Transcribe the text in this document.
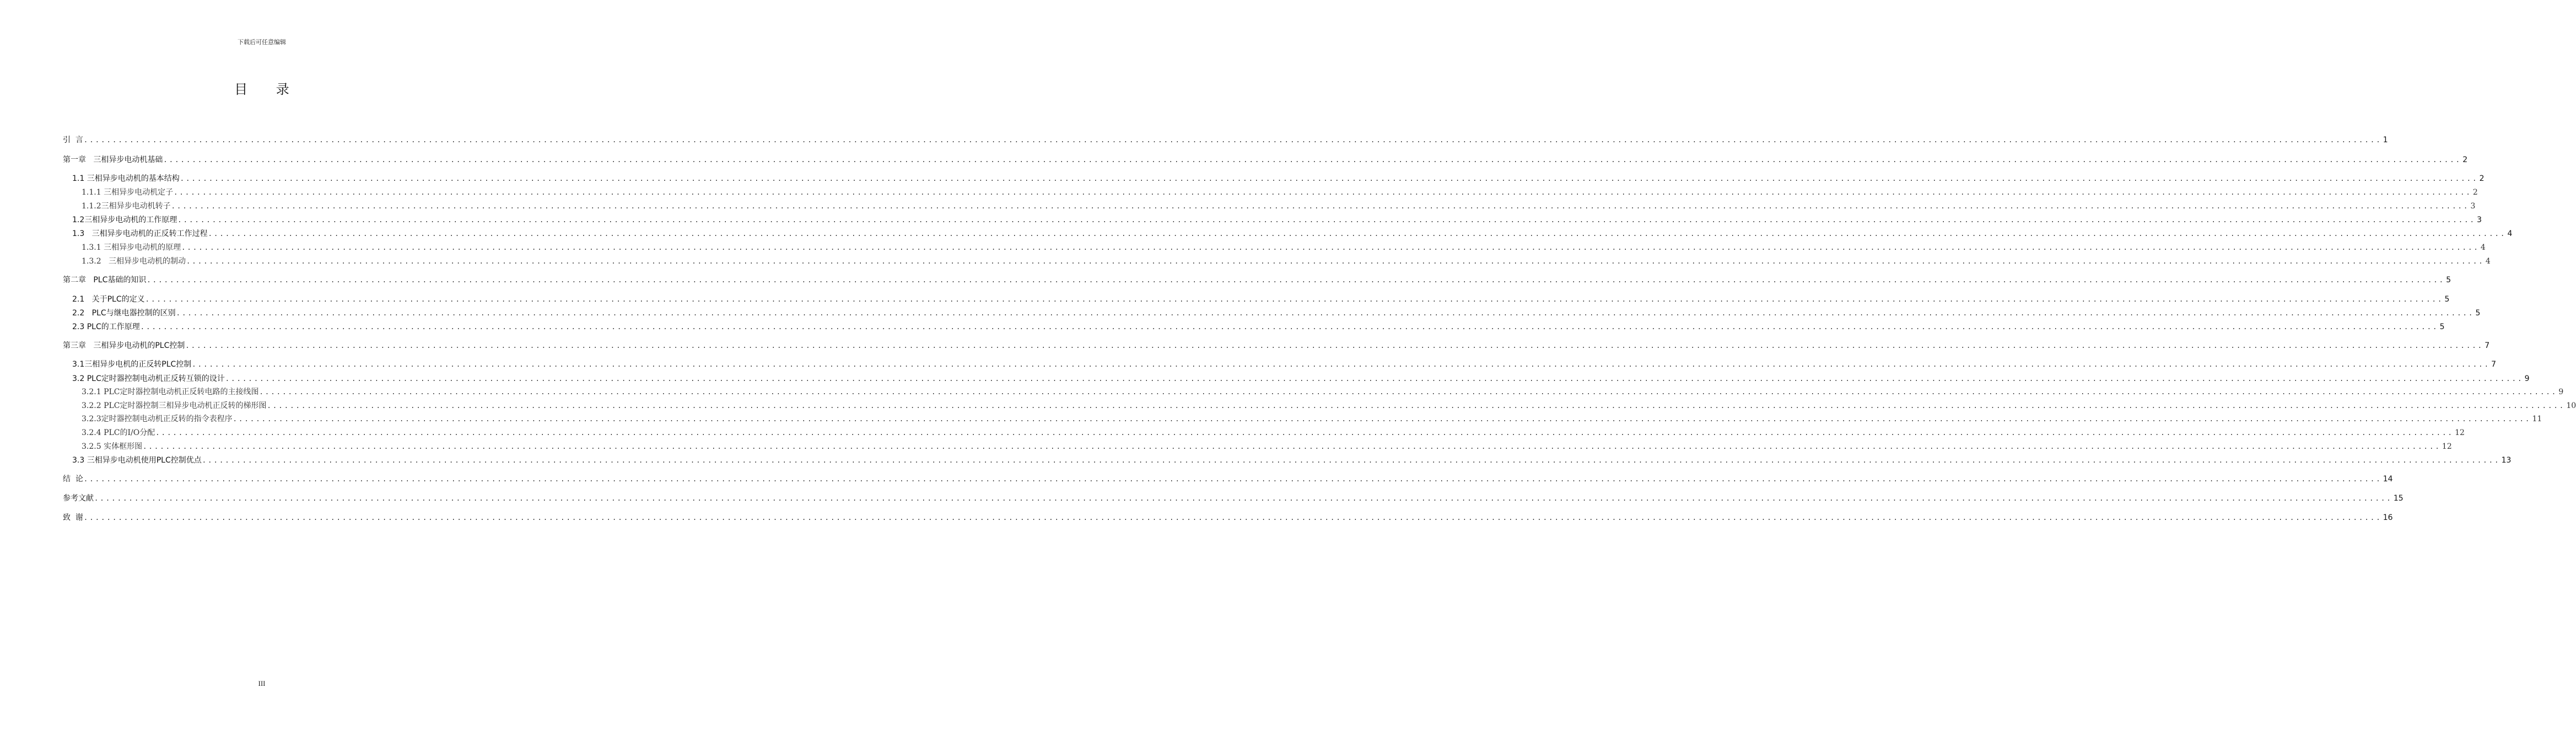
下载后可任意编辑
目 录
引  言 ................................................................................................................................................................................................................................................................................................................................................................................................................ 1
第一章   三相异步电动机基础 ................................................................................................................................................................................................................................................................................................................................................................................................................ 2
1.1 三相异步电动机的基本结构 ................................................................................................................................................................................................................................................................................................................................................................................................................ 2
1.1.1 三相异步电动机定子 ................................................................................................................................................................................................................................................................................................................................................................................................................ 2
1.1.2三相异步电动机转子 ................................................................................................................................................................................................................................................................................................................................................................................................................ 3
1.2三相异步电动机的工作原理 ................................................................................................................................................................................................................................................................................................................................................................................................................ 3
1.3   三相异步电动机的正反转工作过程 ................................................................................................................................................................................................................................................................................................................................................................................................................ 4
1.3.1 三相异步电动机的原理 ................................................................................................................................................................................................................................................................................................................................................................................................................ 4
1.3.2   三相异步电动机的制动 ................................................................................................................................................................................................................................................................................................................................................................................................................ 4
第二章   PLC基础的知识 ................................................................................................................................................................................................................................................................................................................................................................................................................ 5
2.1   关于PLC的定义 ................................................................................................................................................................................................................................................................................................................................................................................................................ 5
2.2   PLC与继电器控制的区别 ................................................................................................................................................................................................................................................................................................................................................................................................................ 5
2.3 PLC的工作原理 ................................................................................................................................................................................................................................................................................................................................................................................................................ 5
第三章   三相异步电动机的PLC控制 ................................................................................................................................................................................................................................................................................................................................................................................................................ 7
3.1三相异步电机的正反转PLC控制 ................................................................................................................................................................................................................................................................................................................................................................................................................ 7
3.2 PLC定时器控制电动机正反转互锁的设计 ................................................................................................................................................................................................................................................................................................................................................................................................................ 9
3.2.1 PLC定时器控制电动机正反转电路的主接线图 ................................................................................................................................................................................................................................................................................................................................................................................................................ 9
3.2.2 PLC定时器控制三相异步电动机正反转的梯形图 ................................................................................................................................................................................................................................................................................................................................................................................................................ 10
3.2.3定时器控制电动机正反转的指令表程序 ................................................................................................................................................................................................................................................................................................................................................................................................................ 11
3.2.4 PLC的I/O分配 ................................................................................................................................................................................................................................................................................................................................................................................................................ 12
3.2.5 实体框形图 ................................................................................................................................................................................................................................................................................................................................................................................................................ 12
3.3 三相异步电动机使用PLC控制优点 ................................................................................................................................................................................................................................................................................................................................................................................................................ 13
结  论 ................................................................................................................................................................................................................................................................................................................................................................................................................ 14
参考文献 ................................................................................................................................................................................................................................................................................................................................................................................................................ 15
致  谢 ................................................................................................................................................................................................................................................................................................................................................................................................................ 16
III
